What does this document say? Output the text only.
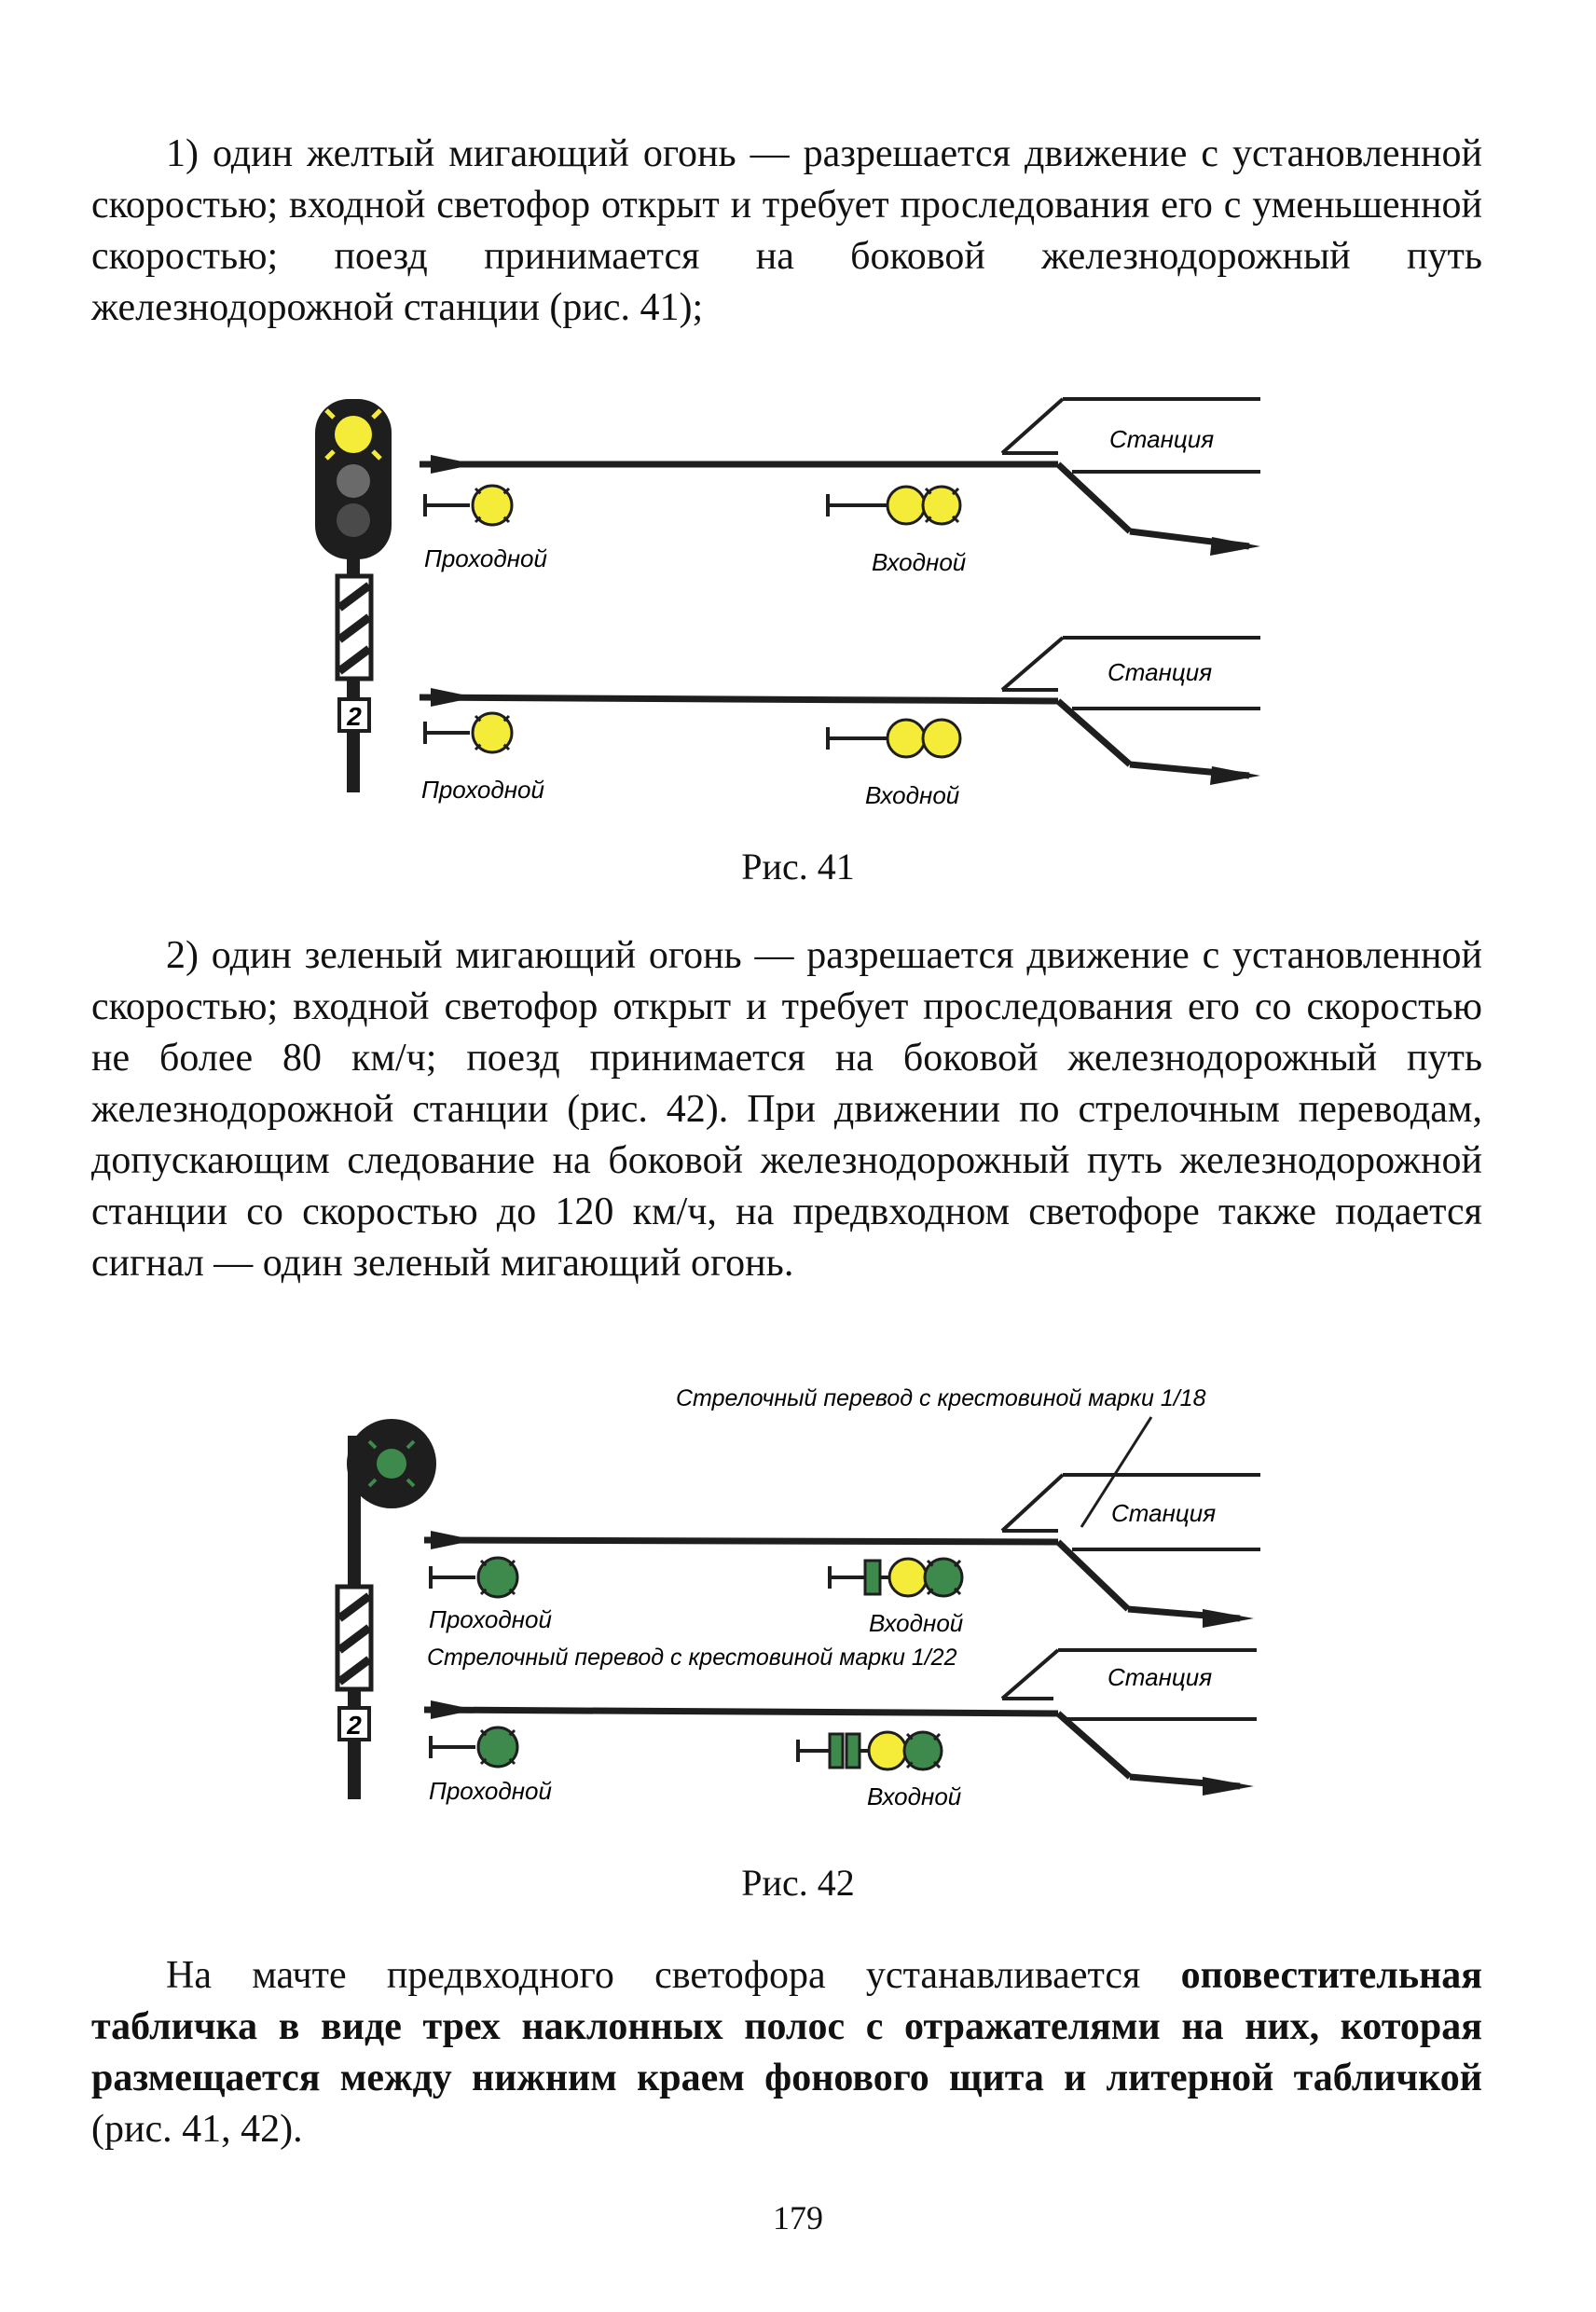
1) один желтый мигающий огонь — разрешается движение с установленной скоростью; входной светофор открыт и требует проследования его с уменьшенной скоростью; поезд принимается на боковой железнодорожный путь железнодорожной станции (рис. 41);

2
Станция
Проходной	Входной
Станция
Проходной	Входной
Рис. 41

2) один зеленый мигающий огонь — разрешается движение с установленной скоростью; входной светофор открыт и требует проследования его со скоростью не более 80 км/ч; поезд принимается на боковой железнодорожный путь железнодорожной станции (рис. 42). При движении по стрелочным переводам, допускающим следование на боковой железнодорожный путь железнодорожной станции со скоростью до 120 км/ч, на предвходном светофоре также подается сигнал — один зеленый мигающий огонь.

Стрелочный перевод с крестовиной марки 1/18
2
Станция
Проходной	Входной
Стрелочный перевод с крестовиной марки 1/22
Станция
Проходной	Входной
Рис. 42

На мачте предвходного светофора устанавливается оповестительная табличка в виде трех наклонных полос с отражателями на них, которая размещается между нижним краем фонового щита и литерной табличкой (рис. 41, 42).

179
